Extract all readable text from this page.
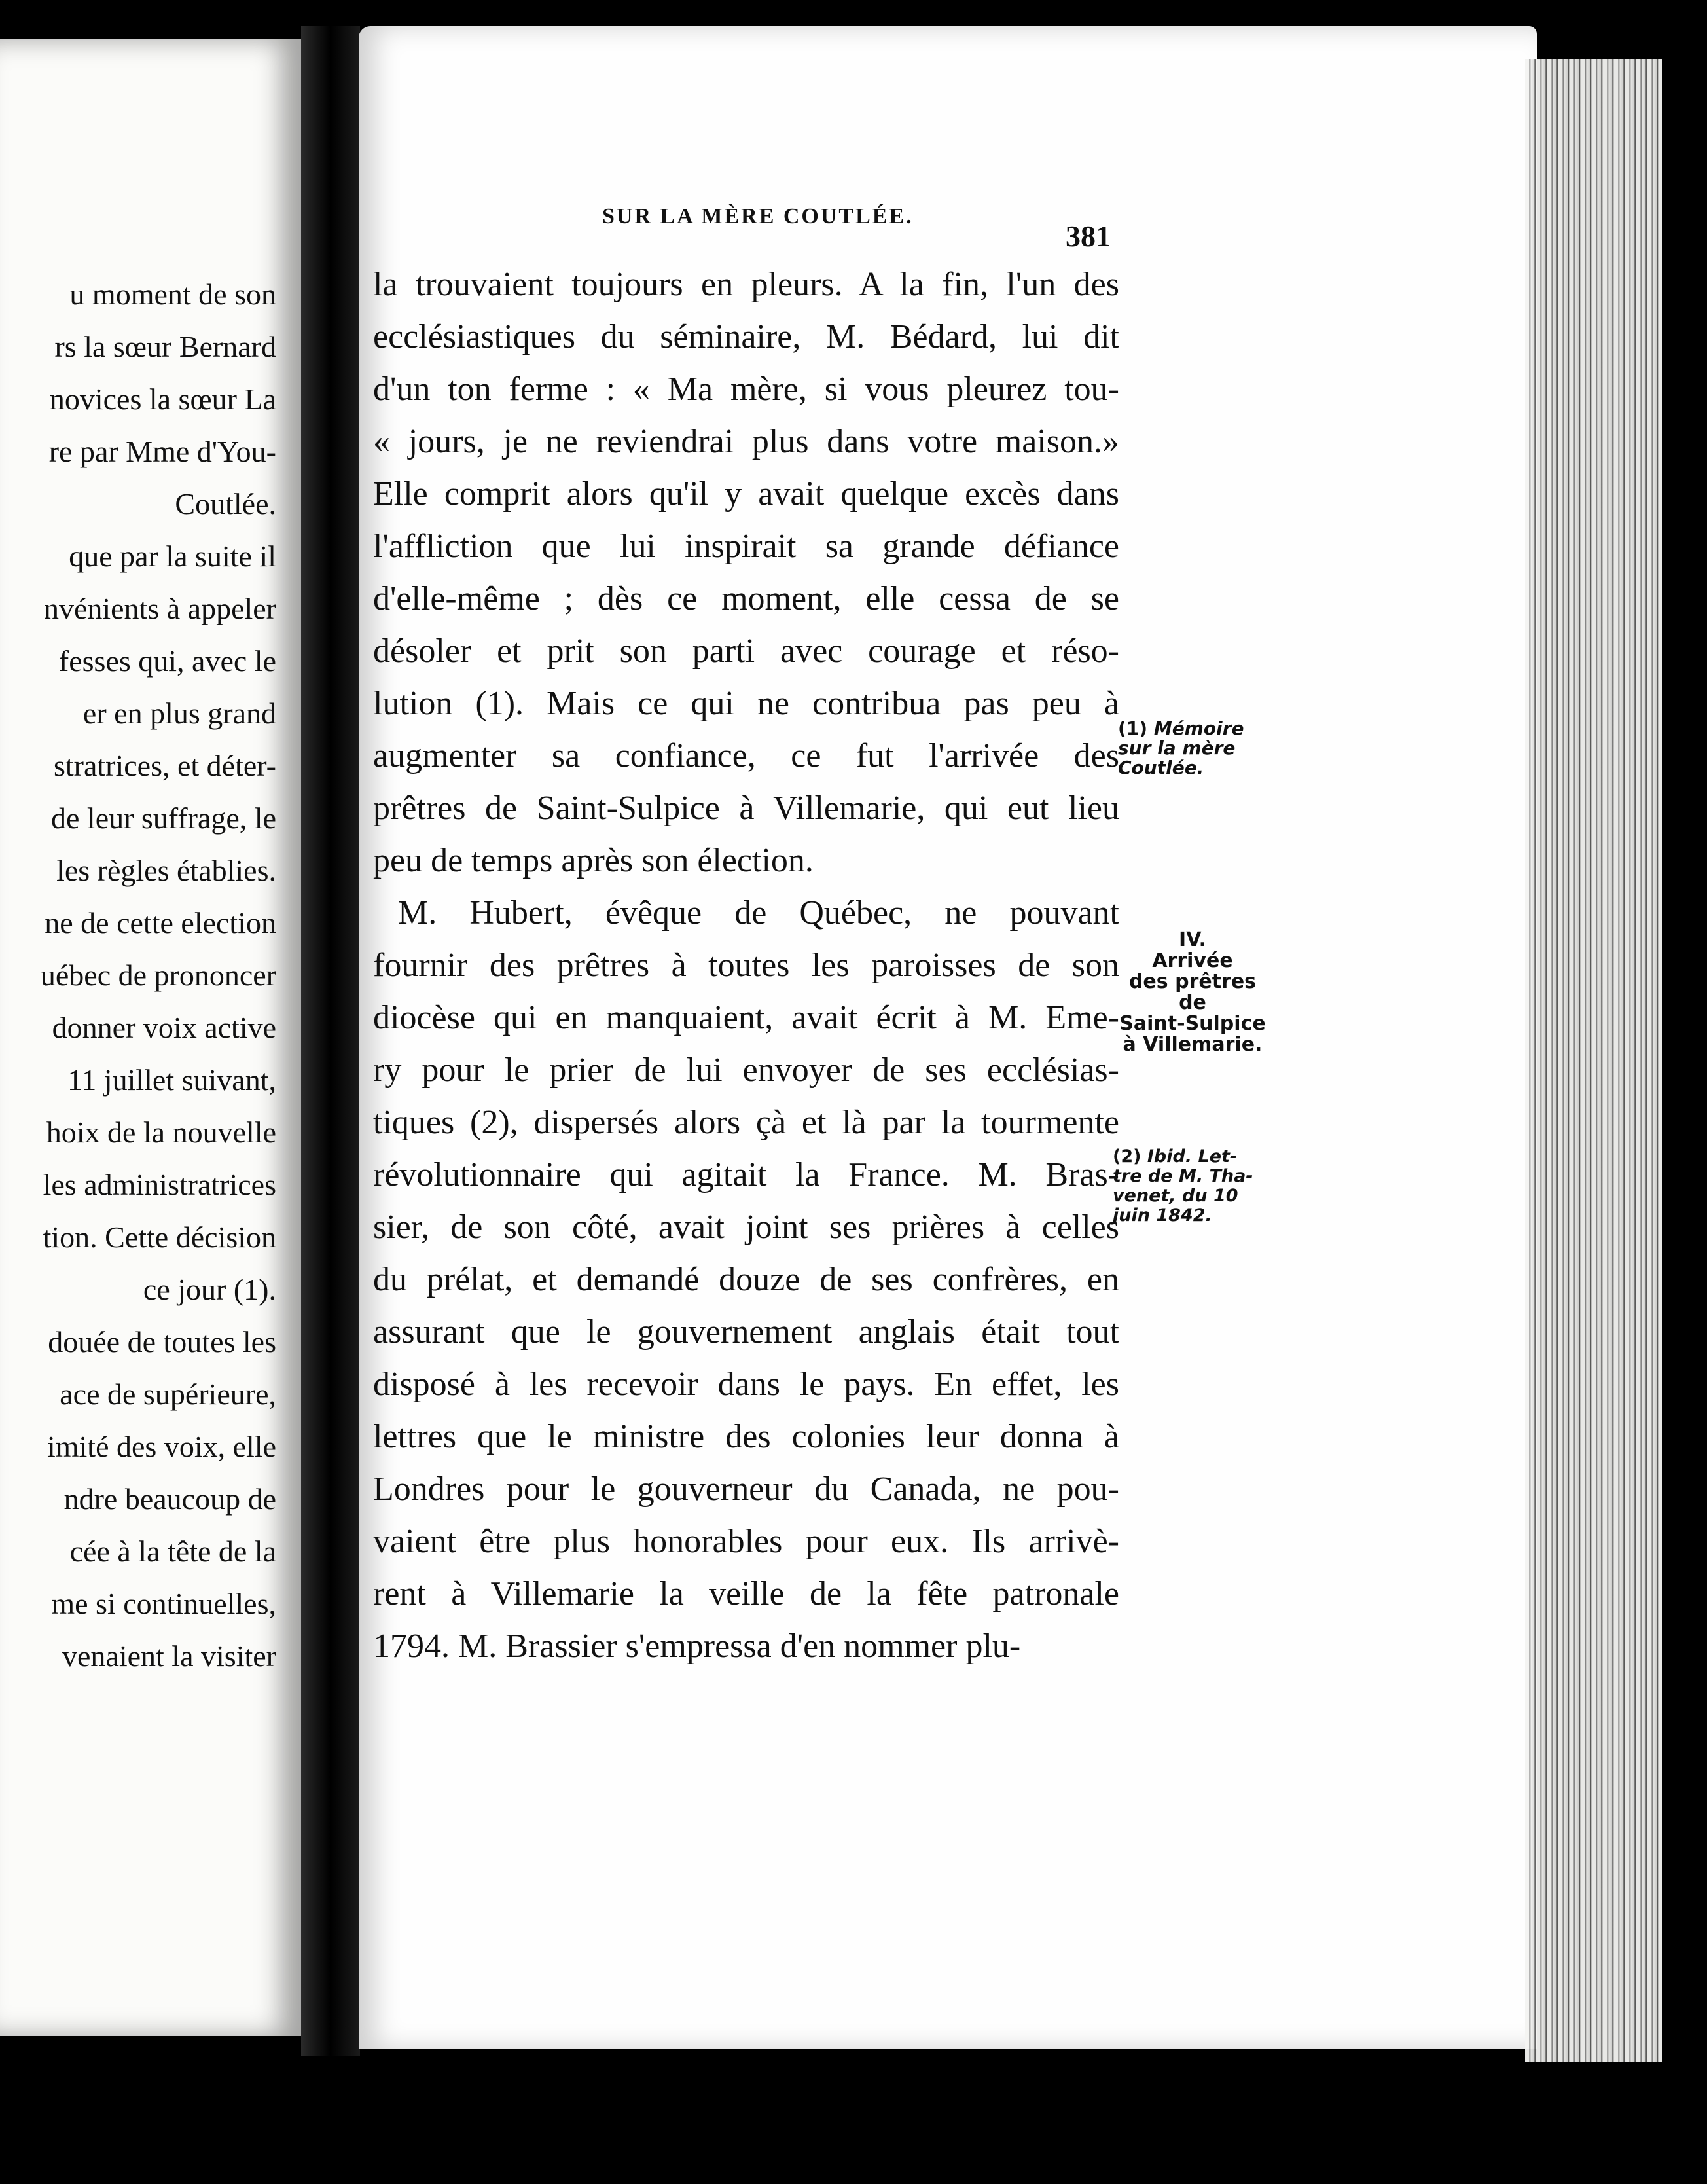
u moment de son
rs la sœur Bernard
novices la sœur La
re par Mme d'You-
Coutlée.
que par la suite il
nvénients à appeler
fesses qui, avec le
er en plus grand
stratrices, et déter-
de leur suffrage, le
les règles établies.
ne de cette election
uébec de prononcer
donner voix active
11 juillet suivant,
hoix de la nouvelle
les administratrices
tion. Cette décision
ce jour (1).
douée de toutes les
ace de supérieure,
imité des voix, elle
ndre beaucoup de
cée à la tête de la
me si continuelles,
venaient la visiter
SUR LA MÈRE COUTLÉE.
381
la trouvaient toujours en pleurs. A la fin, l'un des
ecclésiastiques du séminaire, M. Bédard, lui dit
d'un ton ferme : « Ma mère, si vous pleurez tou-
« jours, je ne reviendrai plus dans votre maison.»
Elle comprit alors qu'il y avait quelque excès dans
l'affliction que lui inspirait sa grande défiance
d'elle-même ; dès ce moment, elle cessa de se
désoler et prit son parti avec courage et réso-
lution (1). Mais ce qui ne contribua pas peu à
augmenter sa confiance, ce fut l'arrivée des
prêtres de Saint-Sulpice à Villemarie, qui eut lieu
peu de temps après son élection.
M. Hubert, évêque de Québec, ne pouvant
fournir des prêtres à toutes les paroisses de son
diocèse qui en manquaient, avait écrit à M. Eme-
ry pour le prier de lui envoyer de ses ecclésias-
tiques (2), dispersés alors çà et là par la tourmente
révolutionnaire qui agitait la France. M. Bras-
sier, de son côté, avait joint ses prières à celles
du prélat, et demandé douze de ses confrères, en
assurant que le gouvernement anglais était tout
disposé à les recevoir dans le pays. En effet, les
lettres que le ministre des colonies leur donna à
Londres pour le gouverneur du Canada, ne pou-
vaient être plus honorables pour eux. Ils arrivè-
rent à Villemarie la veille de la fête patronale
1794. M. Brassier s'empressa d'en nommer plu-
(1) Mémoire
sur la mère
Coutlée.
IV.
Arrivée
des prêtres
de
Saint-Sulpice
à Villemarie.
(2) Ibid. Let-
tre de M. Tha-
venet, du 10
juin 1842.
